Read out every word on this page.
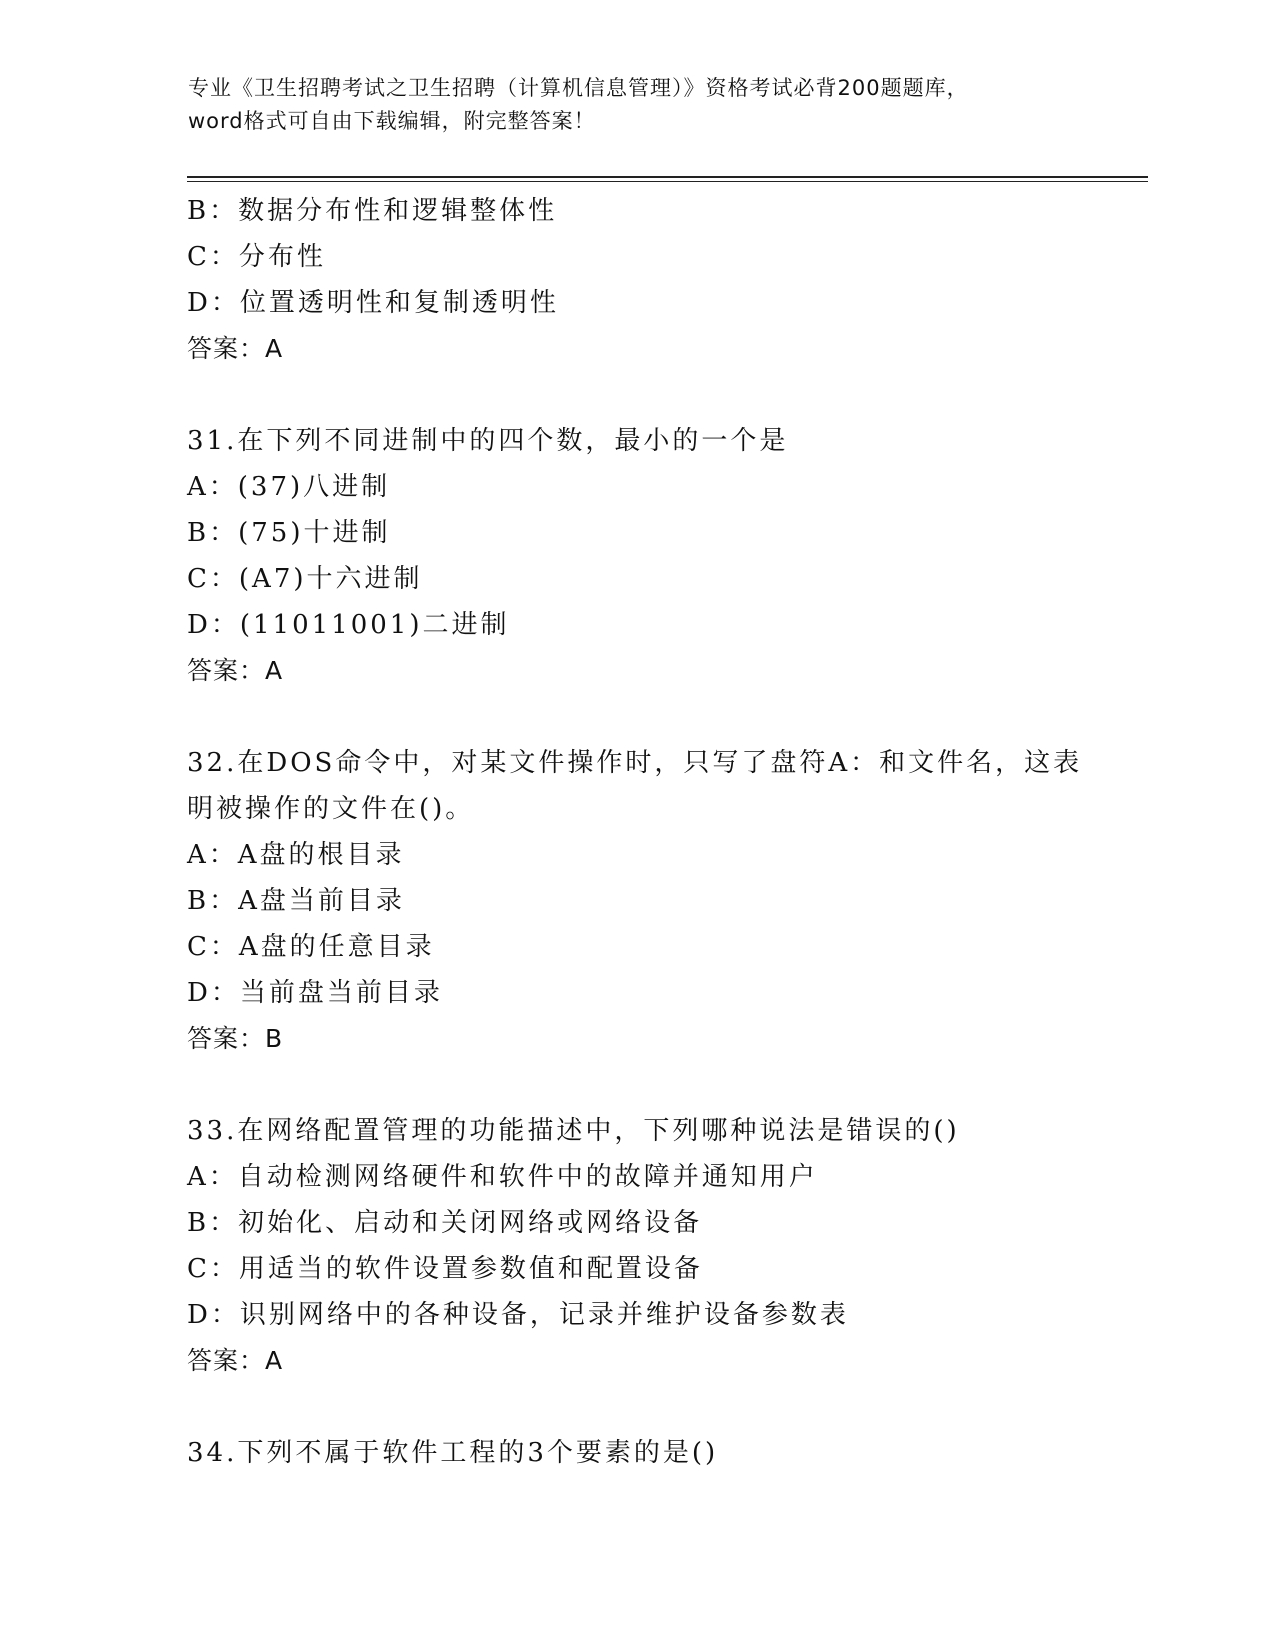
专业《卫生招聘考试之卫生招聘（计算机信息管理）》资格考试必背200题题库，
word格式可自由下载编辑，附完整答案！
B：数据分布性和逻辑整体性
C：分布性
D：位置透明性和复制透明性
答案：A
31.在下列不同进制中的四个数，最小的一个是
A：(37)八进制
B：(75)十进制
C：(A7)十六进制
D：(11011001)二进制
答案：A
32.在DOS命令中，对某文件操作时，只写了盘符A：和文件名，这表
明被操作的文件在()。
A：A盘的根目录
B：A盘当前目录
C：A盘的任意目录
D：当前盘当前目录
答案：B
33.在网络配置管理的功能描述中，下列哪种说法是错误的()
A：自动检测网络硬件和软件中的故障并通知用户
B：初始化、启动和关闭网络或网络设备
C：用适当的软件设置参数值和配置设备
D：识别网络中的各种设备，记录并维护设备参数表
答案：A
34.下列不属于软件工程的3个要素的是()
